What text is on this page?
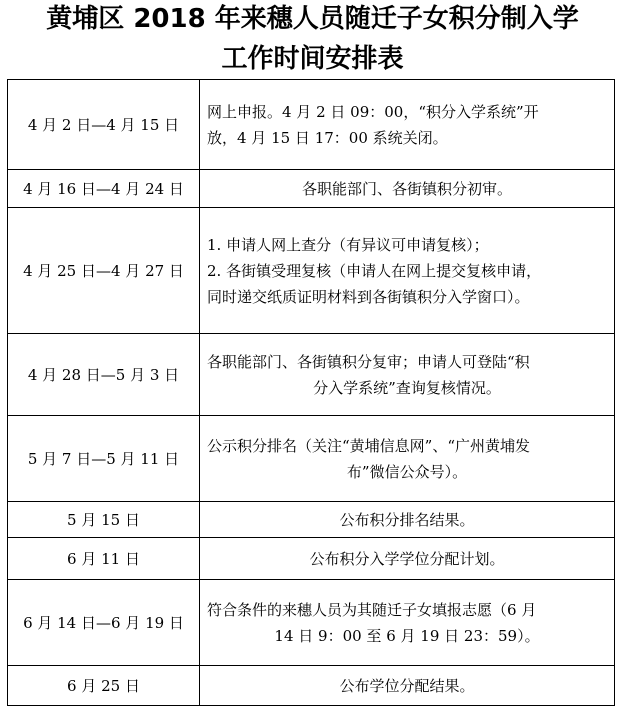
黄埔区 2018 年来穗人员随迁子女积分制入学
工作时间安排表
4 月 2 日—4 月 15 日	网上申报。4 月 2 日 09：00，“积分入学系统”开
放，4 月 15 日 17：00 系统关闭。

4 月 16 日—4 月 24 日	各职能部门、各街镇积分初审。

4 月 25 日—4 月 27 日	1. 申请人网上查分（有异议可申请复核）；
2. 各街镇受理复核（申请人在网上提交复核申请，
同时递交纸质证明材料到各街镇积分入学窗口）。

4 月 28 日—5 月 3 日	各职能部门、各街镇积分复审；申请人可登陆“积
分入学系统”查询复核情况。

5 月 7 日—5 月 11 日	公示积分排名（关注“黄埔信息网”、“广州黄埔发
布”微信公众号）。

5 月 15 日	公布积分排名结果。

6 月 11 日	公布积分入学学位分配计划。

6 月 14 日—6 月 19 日	符合条件的来穗人员为其随迁子女填报志愿（6 月
14 日 9：00 至 6 月 19 日 23：59）。

6 月 25 日	公布学位分配结果。
